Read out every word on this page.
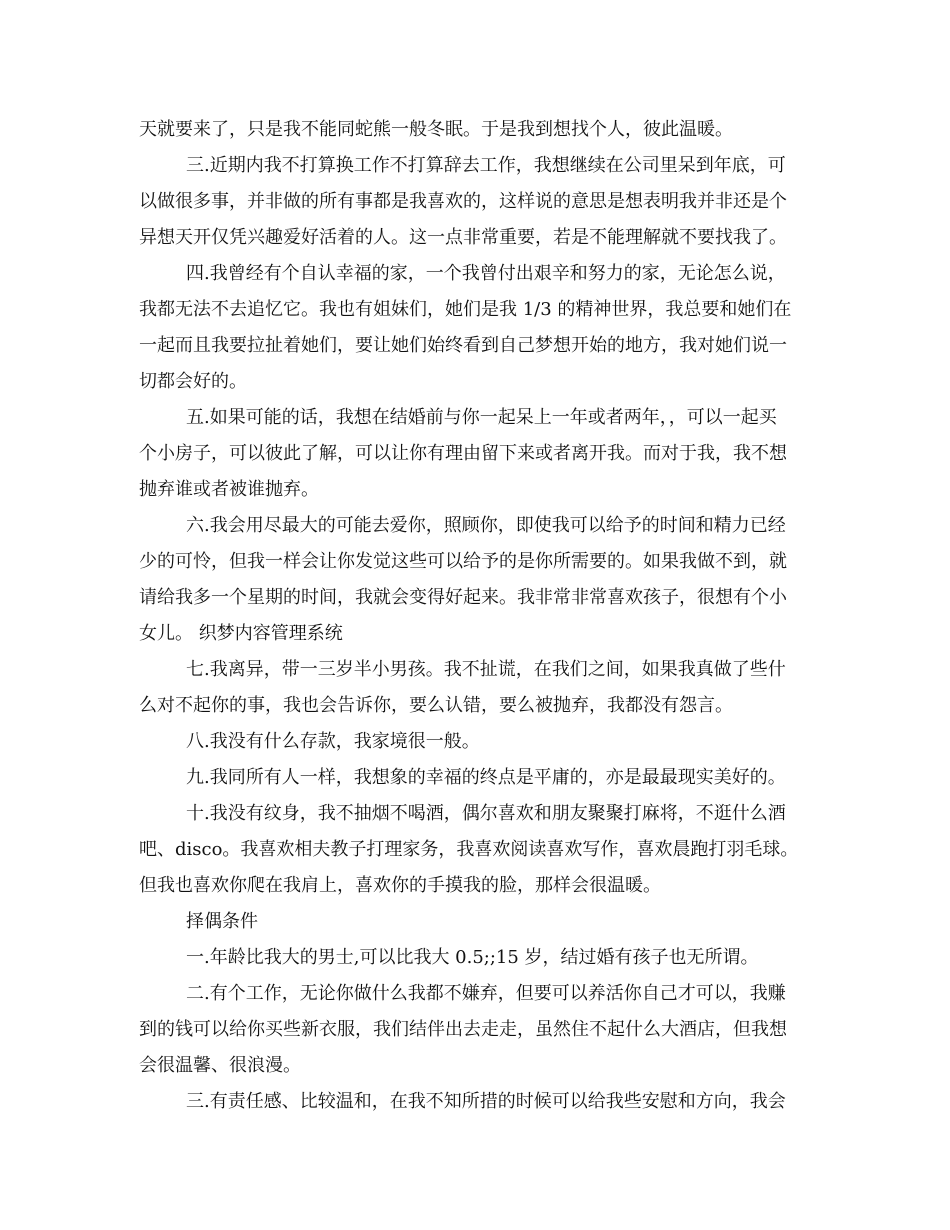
天就要来了，只是我不能同蛇熊一般冬眠。于是我到想找个人，彼此温暖。
三.近期内我不打算换工作不打算辞去工作，我想继续在公司里呆到年底，可
以做很多事，并非做的所有事都是我喜欢的，这样说的意思是想表明我并非还是个
异想天开仅凭兴趣爱好活着的人。这一点非常重要，若是不能理解就不要找我了。
四.我曾经有个自认幸福的家，一个我曾付出艰辛和努力的家，无论怎么说，
我都无法不去追忆它。我也有姐妹们，她们是我 1/3 的精神世界，我总要和她们在
一起而且我要拉扯着她们，要让她们始终看到自己梦想开始的地方，我对她们说一
切都会好的。
五.如果可能的话，我想在结婚前与你一起呆上一年或者两年，，可以一起买
个小房子，可以彼此了解，可以让你有理由留下来或者离开我。而对于我，我不想
抛弃谁或者被谁抛弃。
六.我会用尽最大的可能去爱你，照顾你，即使我可以给予的时间和精力已经
少的可怜，但我一样会让你发觉这些可以给予的是你所需要的。如果我做不到，就
请给我多一个星期的时间，我就会变得好起来。我非常非常喜欢孩子，很想有个小
女儿。 织梦内容管理系统
七.我离异，带一三岁半小男孩。我不扯谎，在我们之间，如果我真做了些什
么对不起你的事，我也会告诉你，要么认错，要么被抛弃，我都没有怨言。
八.我没有什么存款，我家境很一般。
九.我同所有人一样，我想象的幸福的终点是平庸的，亦是最最现实美好的。
十.我没有纹身，我不抽烟不喝酒，偶尔喜欢和朋友聚聚打麻将，不逛什么酒
吧、disco。我喜欢相夫教子打理家务，我喜欢阅读喜欢写作，喜欢晨跑打羽毛球。
但我也喜欢你爬在我肩上，喜欢你的手摸我的脸，那样会很温暖。
择偶条件
一.年龄比我大的男士,可以比我大 0.5;;15 岁，结过婚有孩子也无所谓。
二.有个工作，无论你做什么我都不嫌弃，但要可以养活你自己才可以，我赚
到的钱可以给你买些新衣服，我们结伴出去走走，虽然住不起什么大酒店，但我想
会很温馨、很浪漫。
三.有责任感、比较温和，在我不知所措的时候可以给我些安慰和方向，我会
